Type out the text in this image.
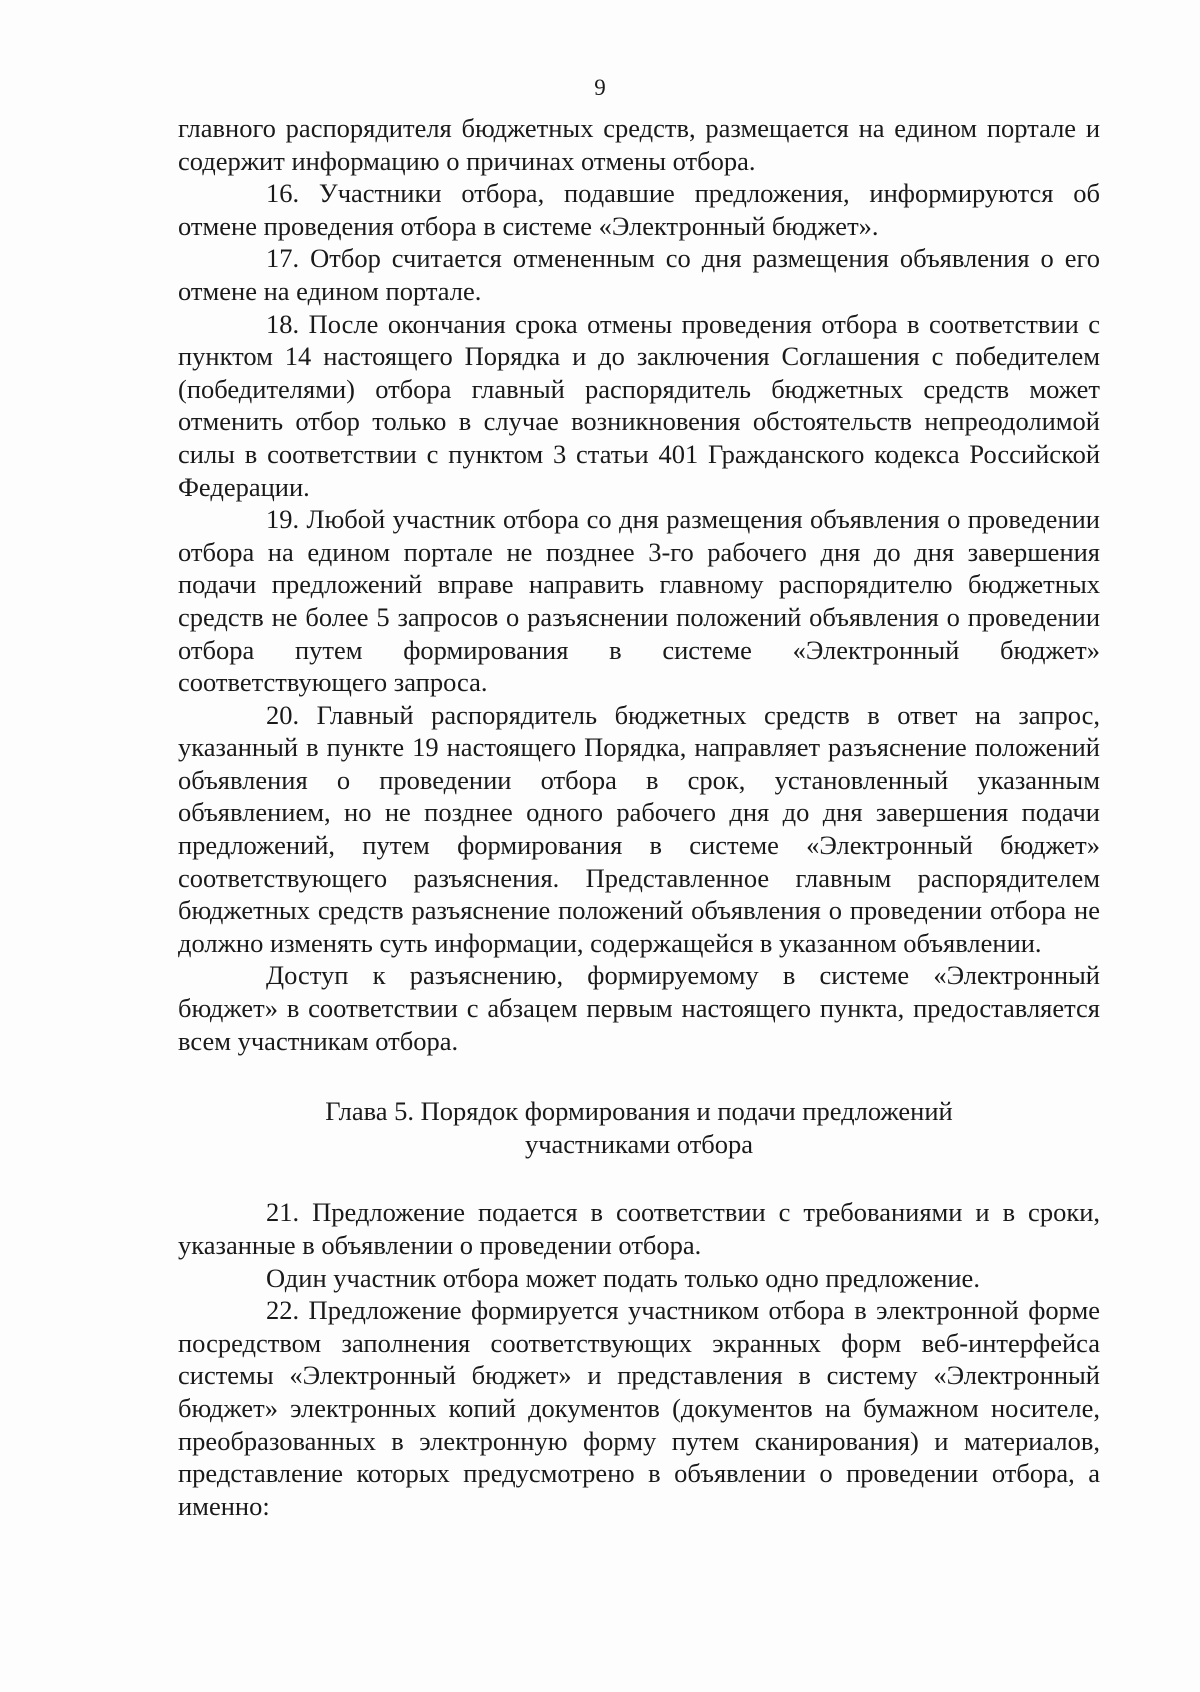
9

главного распорядителя бюджетных средств, размещается на едином портале и содержит информацию о причинах отмены отбора.

16. Участники отбора, подавшие предложения, информируются об отмене проведения отбора в системе «Электронный бюджет».

17. Отбор считается отмененным со дня размещения объявления о его отмене на едином портале.

18. После окончания срока отмены проведения отбора в соответствии с пунктом 14 настоящего Порядка и до заключения Соглашения с победителем (победителями) отбора главный распорядитель бюджетных средств может отменить отбор только в случае возникновения обстоятельств непреодолимой силы в соответствии с пунктом 3 статьи 401 Гражданского кодекса Российской Федерации.

19. Любой участник отбора со дня размещения объявления о проведении отбора на едином портале не позднее 3-го рабочего дня до дня завершения подачи предложений вправе направить главному распорядителю бюджетных средств не более 5 запросов о разъяснении положений объявления о проведении отбора путем формирования в системе «Электронный бюджет» соответствующего запроса.

20. Главный распорядитель бюджетных средств в ответ на запрос, указанный в пункте 19 настоящего Порядка, направляет разъяснение положений объявления о проведении отбора в срок, установленный указанным объявлением, но не позднее одного рабочего дня до дня завершения подачи предложений, путем формирования в системе «Электронный бюджет» соответствующего разъяснения. Представленное главным распорядителем бюджетных средств разъяснение положений объявления о проведении отбора не должно изменять суть информации, содержащейся в указанном объявлении.

Доступ к разъяснению, формируемому в системе «Электронный бюджет» в соответствии с абзацем первым настоящего пункта, предоставляется всем участникам отбора.

Глава 5. Порядок формирования и подачи предложений
участниками отбора

21. Предложение подается в соответствии с требованиями и в сроки, указанные в объявлении о проведении отбора.

Один участник отбора может подать только одно предложение.

22. Предложение формируется участником отбора в электронной форме посредством заполнения соответствующих экранных форм веб-интерфейса системы «Электронный бюджет» и представления в систему «Электронный бюджет» электронных копий документов (документов на бумажном носителе, преобразованных в электронную форму путем сканирования) и материалов, представление которых предусмотрено в объявлении о проведении отбора, а именно:
